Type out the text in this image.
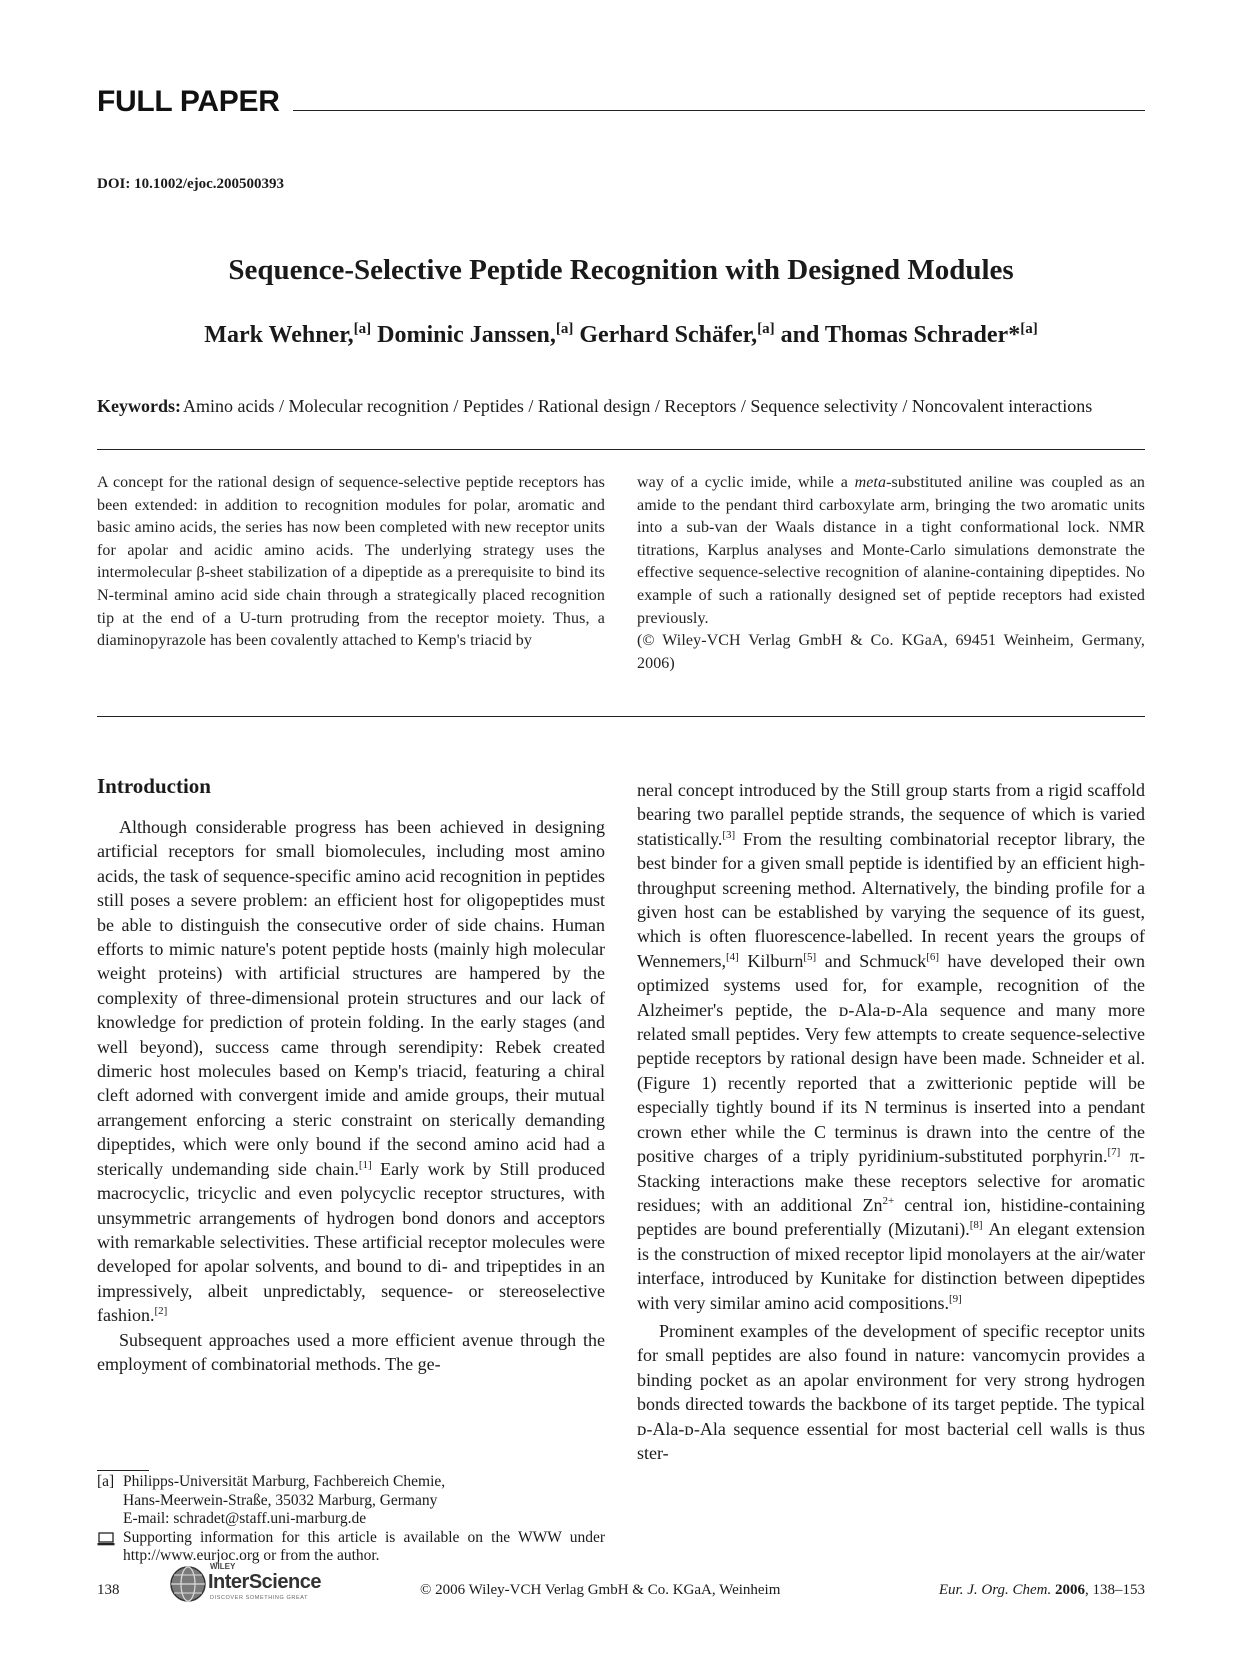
FULL PAPER
DOI: 10.1002/ejoc.200500393
Sequence-Selective Peptide Recognition with Designed Modules
Mark Wehner,[a] Dominic Janssen,[a] Gerhard Schäfer,[a] and Thomas Schrader*[a]
Keywords: Amino acids / Molecular recognition / Peptides / Rational design / Receptors / Sequence selectivity / Noncovalent interactions

A concept for the rational design of sequence-selective peptide receptors has been extended: in addition to recognition modules for polar, aromatic and basic amino acids, the series has now been completed with new receptor units for apolar and acidic amino acids. The underlying strategy uses the intermolecular β-sheet stabilization of a dipeptide as a prerequisite to bind its N-terminal amino acid side chain through a strategically placed recognition tip at the end of a U-turn protruding from the receptor moiety. Thus, a diaminopyrazole has been covalently attached to Kemp's triacid by

way of a cyclic imide, while a meta-substituted aniline was coupled as an amide to the pendant third carboxylate arm, bringing the two aromatic units into a sub-van der Waals distance in a tight conformational lock. NMR titrations, Karplus analyses and Monte-Carlo simulations demonstrate the effective sequence-selective recognition of alanine-containing dipeptides. No example of such a rationally designed set of peptide receptors had existed previously.

(© Wiley-VCH Verlag GmbH & Co. KGaA, 69451 Weinheim, Germany, 2006)

Introduction

Although considerable progress has been achieved in designing artificial receptors for small biomolecules, including most amino acids, the task of sequence-specific amino acid recognition in peptides still poses a severe problem: an efficient host for oligopeptides must be able to distinguish the consecutive order of side chains. Human efforts to mimic nature's potent peptide hosts (mainly high molecular weight proteins) with artificial structures are hampered by the complexity of three-dimensional protein structures and our lack of knowledge for prediction of protein folding. In the early stages (and well beyond), success came through serendipity: Rebek created dimeric host molecules based on Kemp's triacid, featuring a chiral cleft adorned with convergent imide and amide groups, their mutual arrangement enforcing a steric constraint on sterically demanding dipeptides, which were only bound if the second amino acid had a sterically undemanding side chain.[1] Early work by Still produced macrocyclic, tricyclic and even polycyclic receptor structures, with unsymmetric arrangements of hydrogen bond donors and acceptors with remarkable selectivities. These artificial receptor molecules were developed for apolar solvents, and bound to di- and tripeptides in an impressively, albeit unpredictably, sequence- or stereoselective fashion.[2]

Subsequent approaches used a more efficient avenue through the employment of combinatorial methods. The ge-

neral concept introduced by the Still group starts from a rigid scaffold bearing two parallel peptide strands, the sequence of which is varied statistically.[3] From the resulting combinatorial receptor library, the best binder for a given small peptide is identified by an efficient high-throughput screening method. Alternatively, the binding profile for a given host can be established by varying the sequence of its guest, which is often fluorescence-labelled. In recent years the groups of Wennemers,[4] Kilburn[5] and Schmuck[6] have developed their own optimized systems used for, for example, recognition of the Alzheimer's peptide, the ᴅ-Ala-ᴅ-Ala sequence and many more related small peptides. Very few attempts to create sequence-selective peptide receptors by rational design have been made. Schneider et al. (Figure 1) recently reported that a zwitterionic peptide will be especially tightly bound if its N terminus is inserted into a pendant crown ether while the C terminus is drawn into the centre of the positive charges of a triply pyridinium-substituted porphyrin.[7] π-Stacking interactions make these receptors selective for aromatic residues; with an additional $Zn^{2+}$ central ion, histidine-containing peptides are bound preferentially (Mizutani).[8] An elegant extension is the construction of mixed receptor lipid monolayers at the air/water interface, introduced by Kunitake for distinction between dipeptides with very similar amino acid compositions.[9]

Prominent examples of the development of specific receptor units for small peptides are also found in nature: vancomycin provides a binding pocket as an apolar environment for very strong hydrogen bonds directed towards the backbone of its target peptide. The typical ᴅ-Ala-ᴅ-Ala sequence essential for most bacterial cell walls is thus ster-

[a] Philipps-Universität Marburg, Fachbereich Chemie,
Hans-Meerwein-Straße, 35032 Marburg, Germany
E-mail: schradet@staff.uni-marburg.de
Supporting information for this article is available on the WWW under http://www.eurjoc.org or from the author.
138
WILEY
InterScience
DISCOVER SOMETHING GREAT	© 2006 Wiley-VCH Verlag GmbH & Co. KGaA, Weinheim	Eur. J. Org. Chem. 2006, 138–153
